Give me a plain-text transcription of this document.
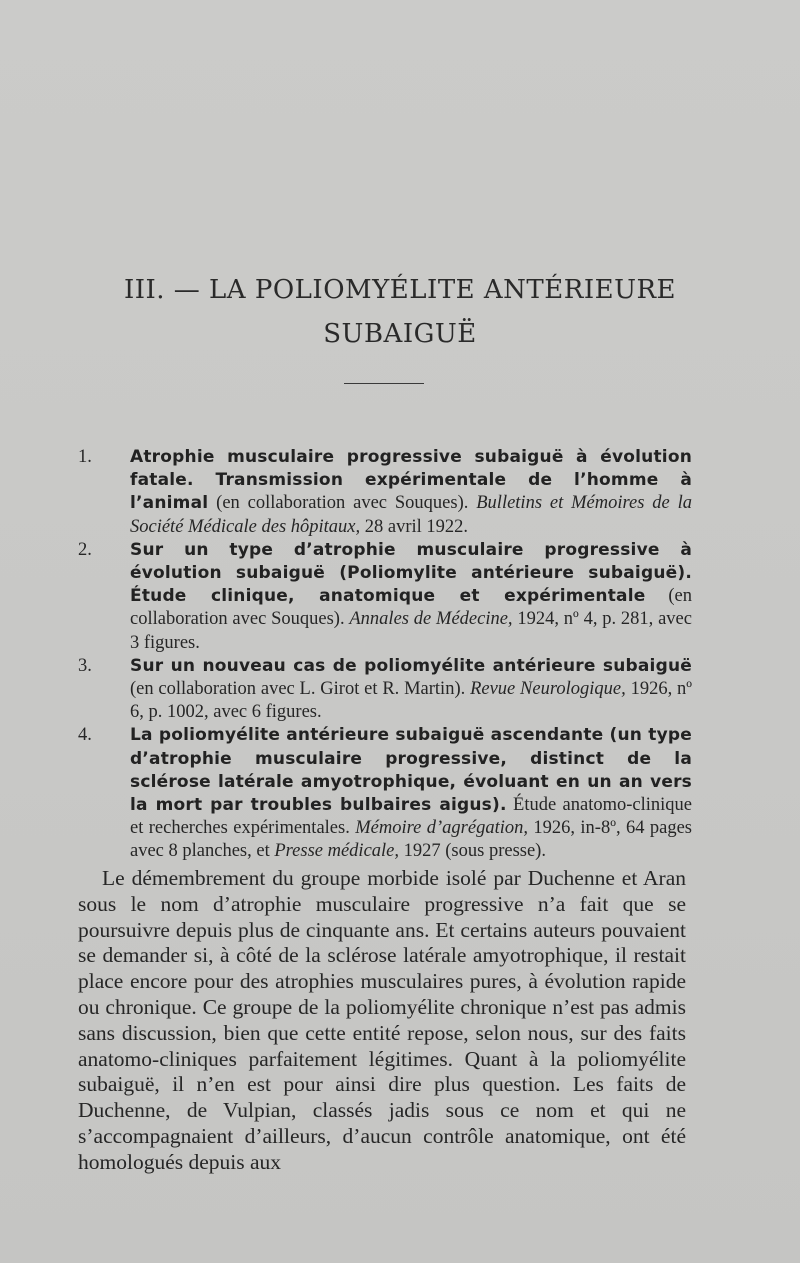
III. — LA POLIOMYÉLITE ANTÉRIEURE
SUBAIGUË
1 .	Atrophie musculaire progressive subaiguë à évolution fatale. Transmission expérimentale de l’homme à l’animal (en collaboration avec Souques). Bulletins et Mémoires de la Société Médicale des hôpitaux, 28 avril 1922.
2 .	Sur un type d’atrophie musculaire progressive à évolution subaiguë (Poliomylite antérieure subaiguë). Étude clinique, anatomique et expérimentale (en collaboration avec Souques). Annales de Médecine, 1924, nº 4, p. 281, avec 3 figures.
3 .	Sur un nouveau cas de poliomyélite antérieure subaiguë (en collaboration avec L. Girot et R. Martin). Revue Neurologique, 1926, nº 6, p. 1002, avec 6 figures.
4 .	La poliomyélite antérieure subaiguë ascendante (un type d’atrophie musculaire progressive, distinct de la sclérose latérale amyotrophique, évoluant en un an vers la mort par troubles bulbaires aigus). Étude anatomo-clinique et recherches expérimentales. Mémoire d’agrégation, 1926, in-8º, 64 pages avec 8 planches, et Presse médicale, 1927 (sous presse).

Le démembrement du groupe morbide isolé par Duchenne et Aran sous le nom d’atrophie musculaire progressive n’a fait que se poursuivre depuis plus de cinquante ans. Et certains auteurs pouvaient se demander si, à côté de la sclérose latérale amyotrophique, il restait place encore pour des atrophies musculaires pures, à évolution rapide ou chronique. Ce groupe de la poliomyélite chronique n’est pas admis sans discussion, bien que cette entité repose, selon nous, sur des faits anatomo-cliniques parfaitement légitimes. Quant à la poliomyélite subaiguë, il n’en est pour ainsi dire plus question. Les faits de Duchenne, de Vulpian, classés jadis sous ce nom et qui ne s’accompagnaient d’ailleurs, d’aucun contrôle anatomique, ont été homologués depuis aux
